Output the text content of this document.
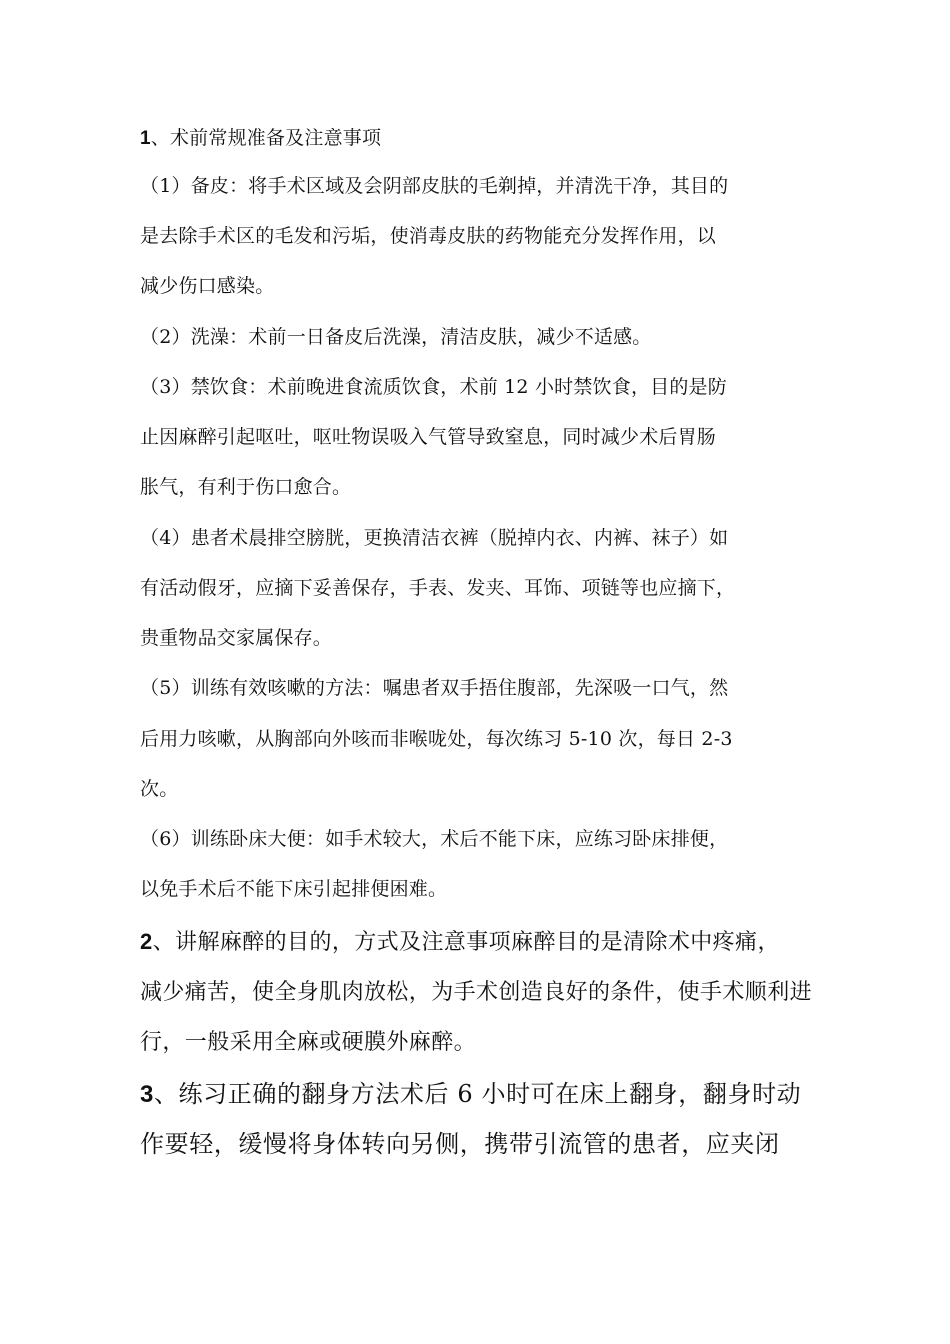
1、术前常规准备及注意事项
（1）备皮：将手术区域及会阴部皮肤的毛剃掉，并清洗干净，其目的
是去除手术区的毛发和污垢，使消毒皮肤的药物能充分发挥作用，以
减少伤口感染。
（2）洗澡：术前一日备皮后洗澡，清洁皮肤，减少不适感。
（3）禁饮食：术前晚进食流质饮食，术前 12 小时禁饮食，目的是防
止因麻醉引起呕吐，呕吐物误吸入气管导致窒息，同时减少术后胃肠
胀气，有利于伤口愈合。
（4）患者术晨排空膀胱，更换清洁衣裤（脱掉内衣、内裤、袜子）如
有活动假牙，应摘下妥善保存，手表、发夹、耳饰、项链等也应摘下，
贵重物品交家属保存。
（5）训练有效咳嗽的方法：嘱患者双手捂住腹部，先深吸一口气，然
后用力咳嗽，从胸部向外咳而非喉咙处，每次练习 5-10 次，每日 2-3
次。
（6）训练卧床大便：如手术较大，术后不能下床，应练习卧床排便，
以免手术后不能下床引起排便困难。
2、讲解麻醉的目的，方式及注意事项麻醉目的是清除术中疼痛，
减少痛苦，使全身肌肉放松，为手术创造良好的条件，使手术顺利进
行，一般采用全麻或硬膜外麻醉。
3、练习正确的翻身方法术后 6 小时可在床上翻身，翻身时动
作要轻，缓慢将身体转向另侧，携带引流管的患者，应夹闭
